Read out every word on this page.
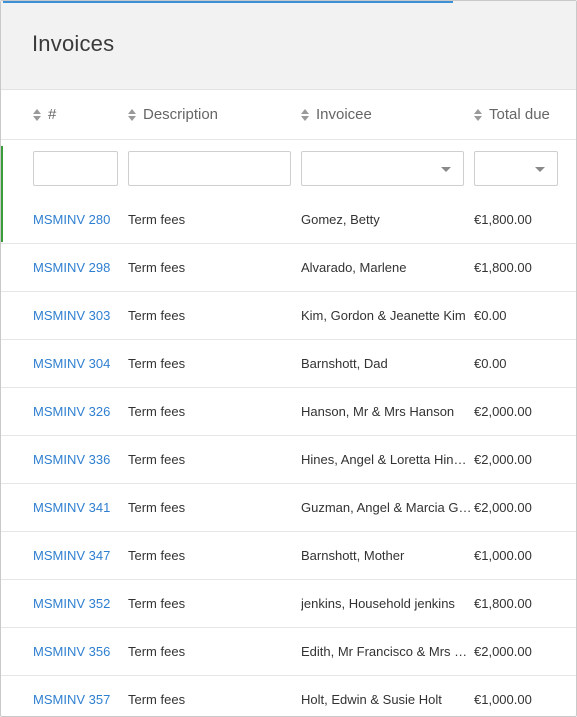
Invoices
#	Description	Invoicee	Total due
MSMINV 280	Term fees	Gomez, Betty	€1,800.00
MSMINV 298	Term fees	Alvarado, Marlene	€1,800.00
MSMINV 303	Term fees	Kim, Gordon & Jeanette Kim €0.00
MSMINV 304	Term fees	Barnshott, Dad	€0.00
MSMINV 326	Term fees	Hanson, Mr & Mrs Hanson	€2,000.00
MSMINV 336	Term fees	Hines, Angel & Loretta Hin… €2,000.00
MSMINV 341	Term fees	Guzman, Angel & Marcia G… €2,000.00
MSMINV 347	Term fees	Barnshott, Mother	€1,000.00
MSMINV 352	Term fees	jenkins, Household jenkins	€1,800.00
MSMINV 356	Term fees	Edith, Mr Francisco & Mrs … €2,000.00
MSMINV 357	Term fees	Holt, Edwin & Susie Holt	€1,000.00
